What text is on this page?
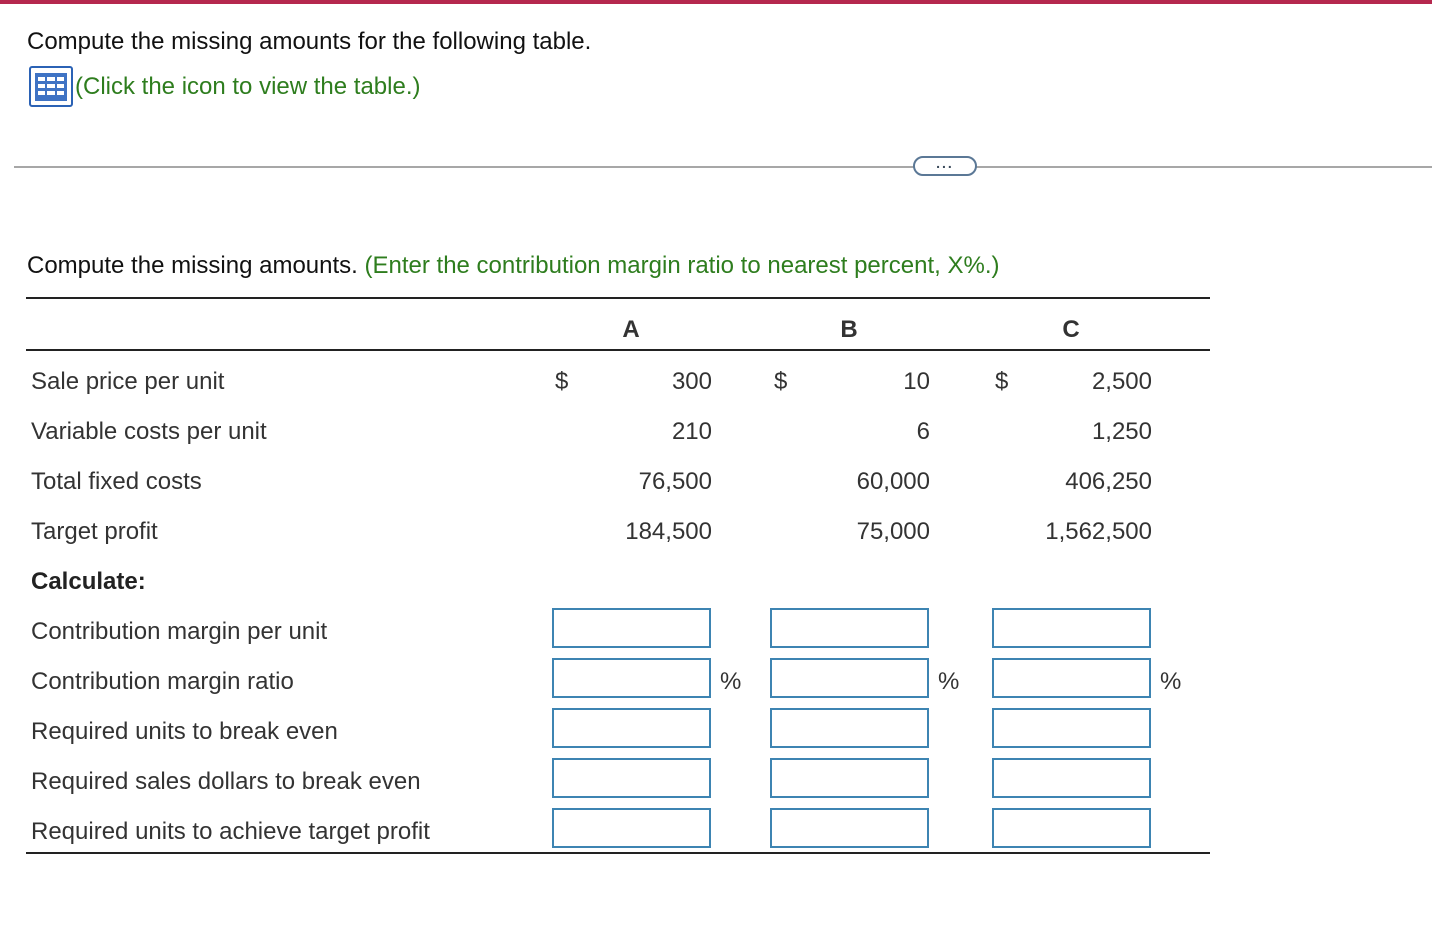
Compute the missing amounts for the following table.
(Click the icon to view the table.)
...
Compute the missing amounts. (Enter the contribution margin ratio to nearest percent, X%.)
A	B	C
Sale price per unit	$	300	$	10	$	2,500
Variable costs per unit	210	6	1,250
Total fixed costs	76,500	60,000	406,250
Target profit	184,500	75,000	1,562,500
Calculate:
Contribution margin per unit
Contribution margin ratio	%	%	%
Required units to break even
Required sales dollars to break even
Required units to achieve target profit
